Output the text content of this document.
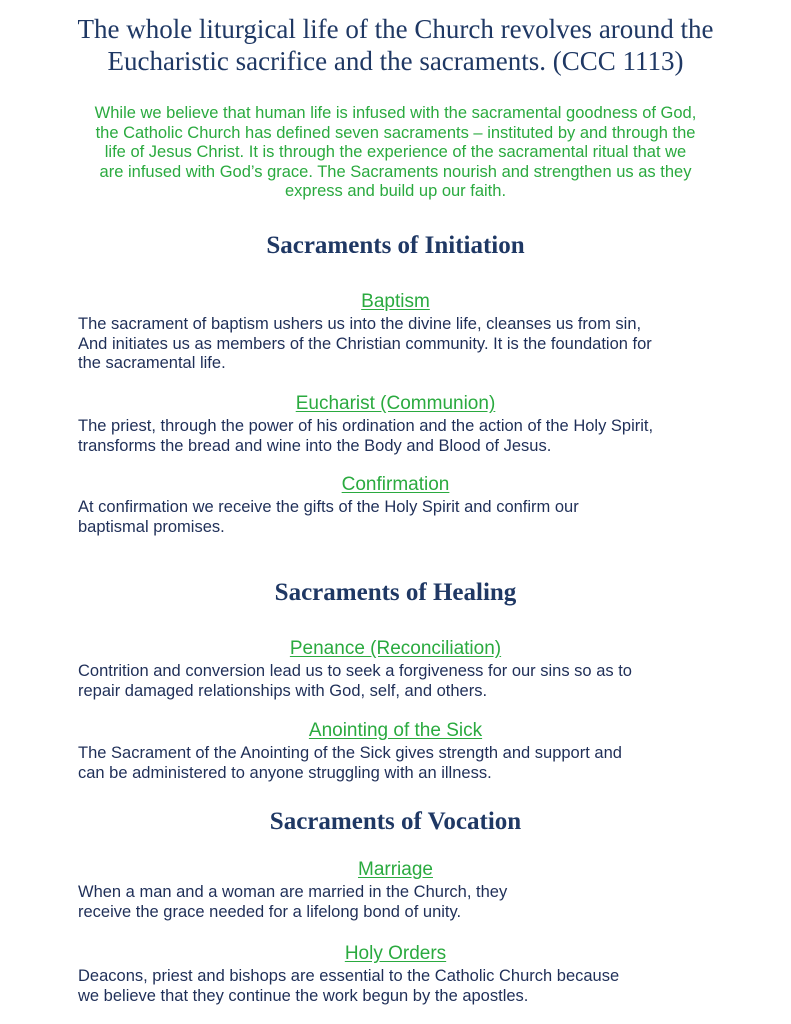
The whole liturgical life of the Church revolves around the
Eucharistic sacrifice and the sacraments. (CCC 1113)
While we believe that human life is infused with the sacramental goodness of God,
the Catholic Church has defined seven sacraments – instituted by and through the
life of Jesus Christ. It is through the experience of the sacramental ritual that we
are infused with God’s grace. The Sacraments nourish and strengthen us as they
express and build up our faith.
Sacraments of Initiation
Baptism
The sacrament of baptism ushers us into the divine life, cleanses us from sin,
And initiates us as members of the Christian community. It is the foundation for
the sacramental life.
Eucharist (Communion)
The priest, through the power of his ordination and the action of the Holy Spirit,
transforms the bread and wine into the Body and Blood of Jesus.
Confirmation
At confirmation we receive the gifts of the Holy Spirit and confirm our
baptismal promises.
Sacraments of Healing
Penance (Reconciliation)
Contrition and conversion lead us to seek a forgiveness for our sins so as to
repair damaged relationships with God, self, and others.
Anointing of the Sick
The Sacrament of the Anointing of the Sick gives strength and support and
can be administered to anyone struggling with an illness.
Sacraments of Vocation
Marriage
When a man and a woman are married in the Church, they
receive the grace needed for a lifelong bond of unity.
Holy Orders
Deacons, priest and bishops are essential to the Catholic Church because
we believe that they continue the work begun by the apostles.
